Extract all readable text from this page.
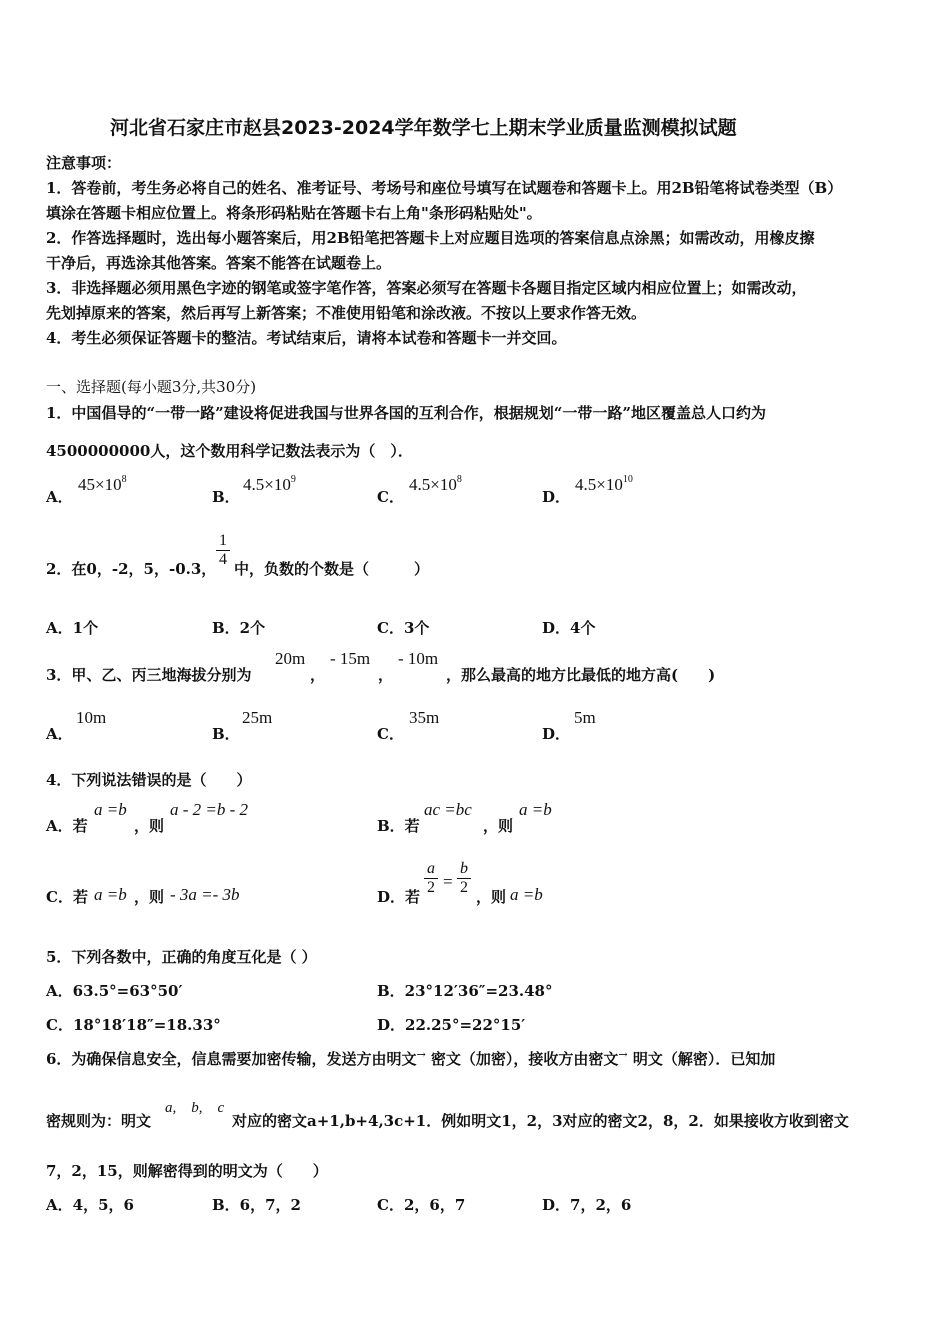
河北省石家庄市赵县2023-2024学年数学七上期末学业质量监测模拟试题
注意事项：
1．答卷前，考生务必将自己的姓名、准考证号、考场号和座位号填写在试题卷和答题卡上。用2B铅笔将试卷类型（B）
填涂在答题卡相应位置上。将条形码粘贴在答题卡右上角"条形码粘贴处"。
2．作答选择题时，选出每小题答案后，用2B铅笔把答题卡上对应题目选项的答案信息点涂黑；如需改动，用橡皮擦
干净后，再选涂其他答案。答案不能答在试题卷上。
3．非选择题必须用黑色字迹的钢笔或签字笔作答，答案必须写在答题卡各题目指定区域内相应位置上；如需改动，
先划掉原来的答案，然后再写上新答案；不准使用铅笔和涂改液。不按以上要求作答无效。
4．考生必须保证答题卡的整洁。考试结束后，请将本试卷和答题卡一并交回。
一、选择题(每小题3分,共30分)
1．中国倡导的“一带一路”建设将促进我国与世界各国的互利合作，根据规划“一带一路”地区覆盖总人口约为
4500000000人，这个数用科学记数法表示为（　）．
A．
$45\times 10^8$
B．
$4.5\times 10^9$
C．
$4.5\times 10^8$
D．
$4.5\times 10^{10}$
2．在0，-2，5，-0.3， $\frac{1}{4}$ 中，负数的个数是（　　　）
A．1个	B．2个	C．3个	D．4个
3．甲、乙、丙三地海拔分别为
20m
，
- 15m
，
- 10m
，那么最高的地方比最低的地方高(　　)
A．
10m
B．
25m
C．
35m
D．
5m
4．下列说法错误的是（　　）
A．若
a =b
，则
a - 2 =b - 2
B．若
ac =bc
，则
a =b
C．若 a =b ，则 - 3a =- 3b	D．若 $\frac{a}{2} = \frac{b}{2}$ ，则 a =b
5．下列各数中，正确的角度互化是（ ）
A．63.5°=63°50′	B．23°12′36″=23.48°
C．18°18′18″=18.33°	D．22.25°=22°15′
6．为确保信息安全，信息需要加密传输，发送方由明文→ 密文（加密），接收方由密文→ 明文（解密）．已知加
密规则为：明文
a,　b,　c
对应的密文a+1,b+4,3c+1．例如明文1，2，3对应的密文2，8，2．如果接收方收到密文
7，2，15，则解密得到的明文为（　　）
A．4，5，6	B．6，7，2	C．2，6，7	D．7，2，6
